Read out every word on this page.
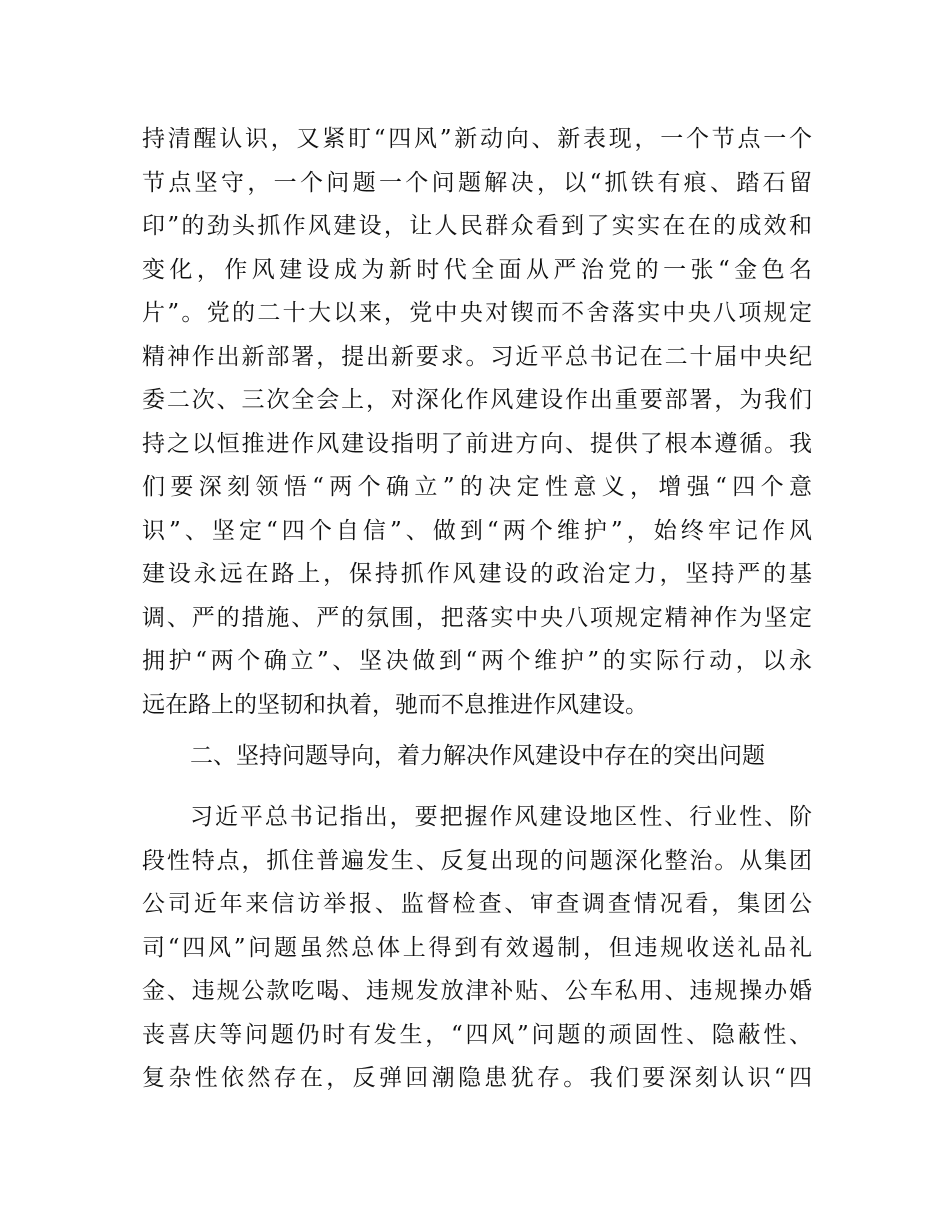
持清醒认识，又紧盯“四风”新动向、新表现，一个节点一个
节点坚守，一个问题一个问题解决，以“抓铁有痕、踏石留
印”的劲头抓作风建设，让人民群众看到了实实在在的成效和
变化，作风建设成为新时代全面从严治党的一张“金色名
片”。党的二十大以来，党中央对锲而不舍落实中央八项规定
精神作出新部署，提出新要求。习近平总书记在二十届中央纪
委二次、三次全会上，对深化作风建设作出重要部署，为我们
持之以恒推进作风建设指明了前进方向、提供了根本遵循。我
们要深刻领悟“两个确立”的决定性意义，增强“四个意
识”、坚定“四个自信”、做到“两个维护”，始终牢记作风
建设永远在路上，保持抓作风建设的政治定力，坚持严的基
调、严的措施、严的氛围，把落实中央八项规定精神作为坚定
拥护“两个确立”、坚决做到“两个维护”的实际行动，以永
远在路上的坚韧和执着，驰而不息推进作风建设。
二、坚持问题导向，着力解决作风建设中存在的突出问题
习近平总书记指出，要把握作风建设地区性、行业性、阶
段性特点，抓住普遍发生、反复出现的问题深化整治。从集团
公司近年来信访举报、监督检查、审查调查情况看，集团公
司“四风”问题虽然总体上得到有效遏制，但违规收送礼品礼
金、违规公款吃喝、违规发放津补贴、公车私用、违规操办婚
丧喜庆等问题仍时有发生，“四风”问题的顽固性、隐蔽性、
复杂性依然存在，反弹回潮隐患犹存。我们要深刻认识“四
